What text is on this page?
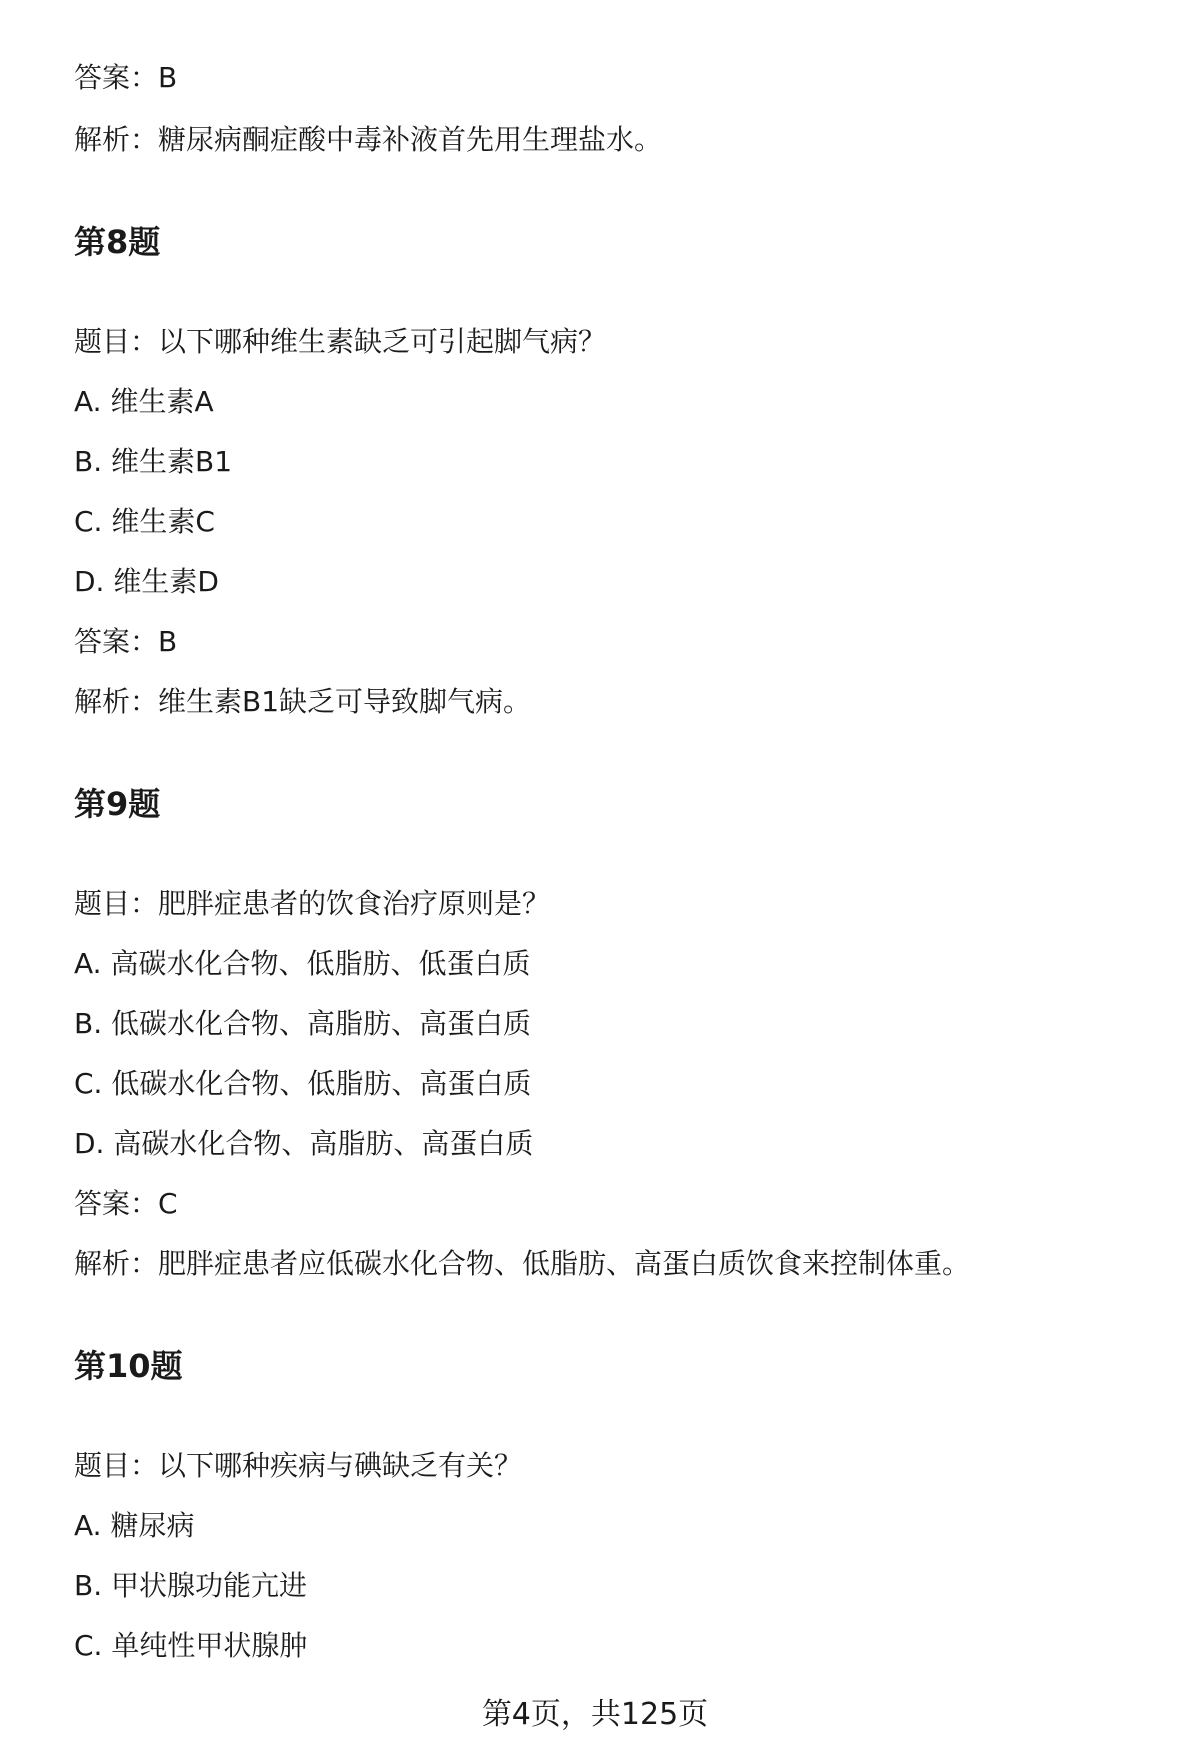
答案：B
解析：糖尿病酮症酸中毒补液首先用生理盐水。
第8题
题目：以下哪种维生素缺乏可引起脚气病？
A. 维生素A
B. 维生素B1
C. 维生素C
D. 维生素D
答案：B
解析：维生素B1缺乏可导致脚气病。
第9题
题目：肥胖症患者的饮食治疗原则是？
A. 高碳水化合物、低脂肪、低蛋白质
B. 低碳水化合物、高脂肪、高蛋白质
C. 低碳水化合物、低脂肪、高蛋白质
D. 高碳水化合物、高脂肪、高蛋白质
答案：C
解析：肥胖症患者应低碳水化合物、低脂肪、高蛋白质饮食来控制体重。
第10题
题目：以下哪种疾病与碘缺乏有关？
A. 糖尿病
B. 甲状腺功能亢进
C. 单纯性甲状腺肿
第4页，共125页
